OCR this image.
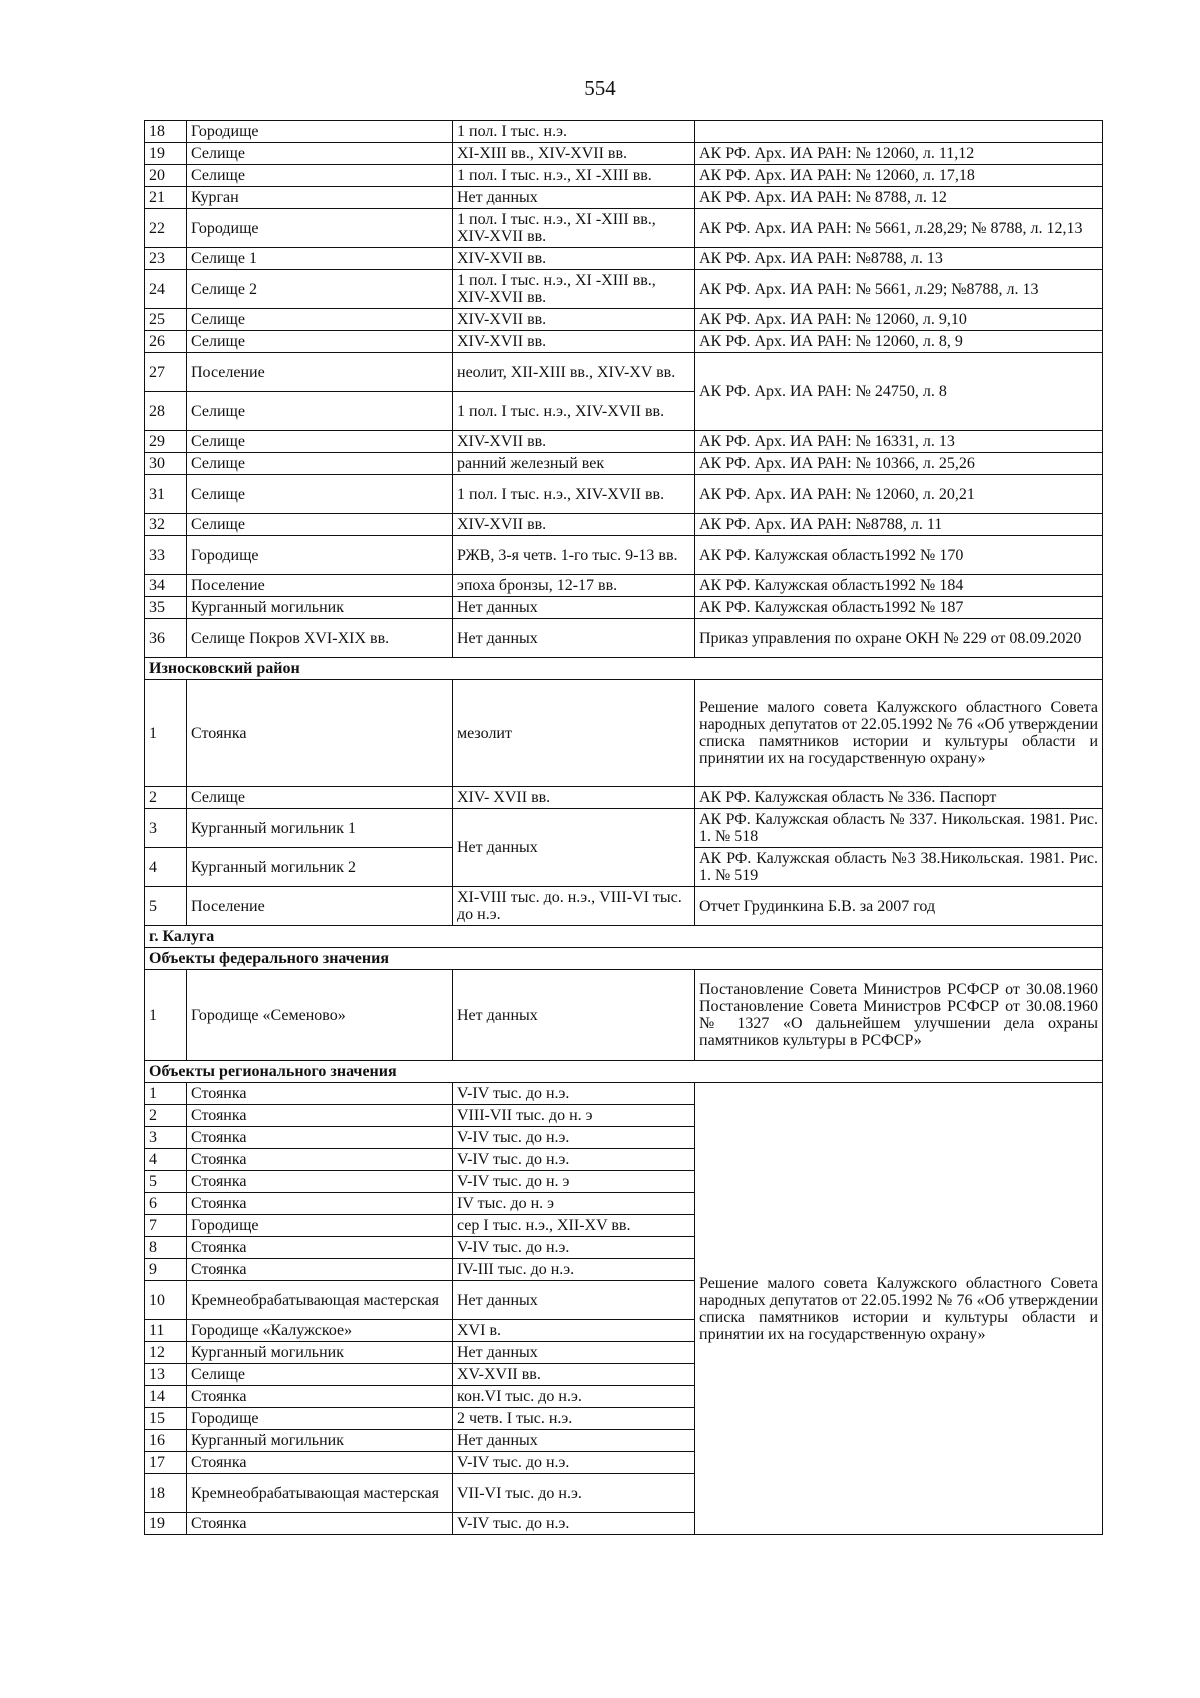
554
18	Городище	1 пол. I тыс. н.э.	
19	Селище	XI-XIII вв., XIV-XVII вв.	АК РФ. Арх. ИА РАН: № 12060, л. 11,12
20	Селище	1 пол. I тыс. н.э., XI -XIII вв.	АК РФ. Арх. ИА РАН: № 12060, л. 17,18
21	Курган	Нет данных	АК РФ. Арх. ИА РАН: № 8788, л. 12
22	Городище	1 пол. I тыс. н.э., XI -XIII вв., XIV-XVII вв.	АК РФ. Арх. ИА РАН: № 5661, л.28,29; № 8788, л. 12,13
23	Селище 1	XIV-XVII вв.	АК РФ. Арх. ИА РАН: №8788, л. 13
24	Селище 2	1 пол. I тыс. н.э., XI -XIII вв., XIV-XVII вв.	АК РФ. Арх. ИА РАН: № 5661, л.29; №8788, л. 13
25	Селище	XIV-XVII вв.	АК РФ. Арх. ИА РАН: № 12060, л. 9,10
26	Селище	XIV-XVII вв.	АК РФ. Арх. ИА РАН: № 12060, л. 8, 9
27	Поселение	неолит, XII-XIII вв., XIV-XV вв.	АК РФ. Арх. ИА РАН: № 24750, л. 8
28	Селище	1 пол. I тыс. н.э., XIV-XVII вв.	
29	Селище	XIV-XVII вв.	АК РФ. Арх. ИА РАН: № 16331, л. 13
30	Селище	ранний железный век	АК РФ. Арх. ИА РАН: № 10366, л. 25,26
31	Селище	1 пол. I тыс. н.э., XIV-XVII вв.	АК РФ. Арх. ИА РАН: № 12060, л. 20,21
32	Селище	XIV-XVII вв.	АК РФ. Арх. ИА РАН: №8788, л. 11
33	Городище	РЖВ, 3-я четв. 1-го тыс. 9-13 вв.	АК РФ. Калужская область1992 № 170
34	Поселение	эпоха бронзы, 12-17 вв.	АК РФ. Калужская область1992 № 184
35	Курганный могильник	Нет данных	АК РФ. Калужская область1992 № 187
36	Селище Покров XVI-XIX вв.	Нет данных	Приказ управления по охране ОКН № 229 от 08.09.2020
Износковский район			
1	Стоянка	мезолит	Решение малого совета Калужского областного Совета народных депутатов от 22.05.1992 № 76 «Об утверждении списка памятников истории и культуры области и принятии их на государственную охрану»
2	Селище	XIV- XVII вв.	АК РФ. Калужская область № 336. Паспорт
3	Курганный могильник 1	Нет данных	АК РФ. Калужская область № 337. Никольская. 1981. Рис. 1. № 518
4	Курганный могильник 2		АК РФ. Калужская область №3 38.Никольская. 1981. Рис. 1. № 519
5	Поселение	XI-VIII тыс. до. н.э., VIII-VI тыс. до н.э.	Отчет Грудинкина Б.В. за 2007 год
г. Калуга			
Объекты федерального значения			
1	Городище «Семеново»	Нет данных	Постановление Совета Министров РСФСР от 30.08.1960 Постановление Совета Министров РСФСР от 30.08.1960 № 1327 «О дальнейшем улучшении дела охраны памятников культуры в РСФСР»
Объекты регионального значения			
1	Стоянка	V-IV тыс. до н.э.	Решение малого совета Калужского областного Совета народных депутатов от 22.05.1992 № 76 «Об утверждении списка памятников истории и культуры области и принятии их на государственную охрану»
2	Стоянка	VIII-VII тыс. до н. э	
3	Стоянка	V-IV тыс. до н.э.	
4	Стоянка	V-IV тыс. до н.э.	
5	Стоянка	V-IV тыс. до н. э	
6	Стоянка	IV тыс. до н. э	
7	Городище	сер I тыс. н.э., XII-XV вв.	
8	Стоянка	V-IV тыс. до н.э.	
9	Стоянка	IV-III тыс. до н.э.	
10	Кремнеобрабатывающая мастерская	Нет данных	
11	Городище «Калужское»	XVI в.	
12	Курганный могильник	Нет данных	
13	Селище	XV-XVII вв.	
14	Стоянка	кон.VI тыс. до н.э.	
15	Городище	2 четв. I тыс. н.э.	
16	Курганный могильник	Нет данных	
17	Стоянка	V-IV тыс. до н.э.	
18	Кремнеобрабатывающая мастерская	VII-VI тыс. до н.э.	
19	Стоянка	V-IV тыс. до н.э.	
